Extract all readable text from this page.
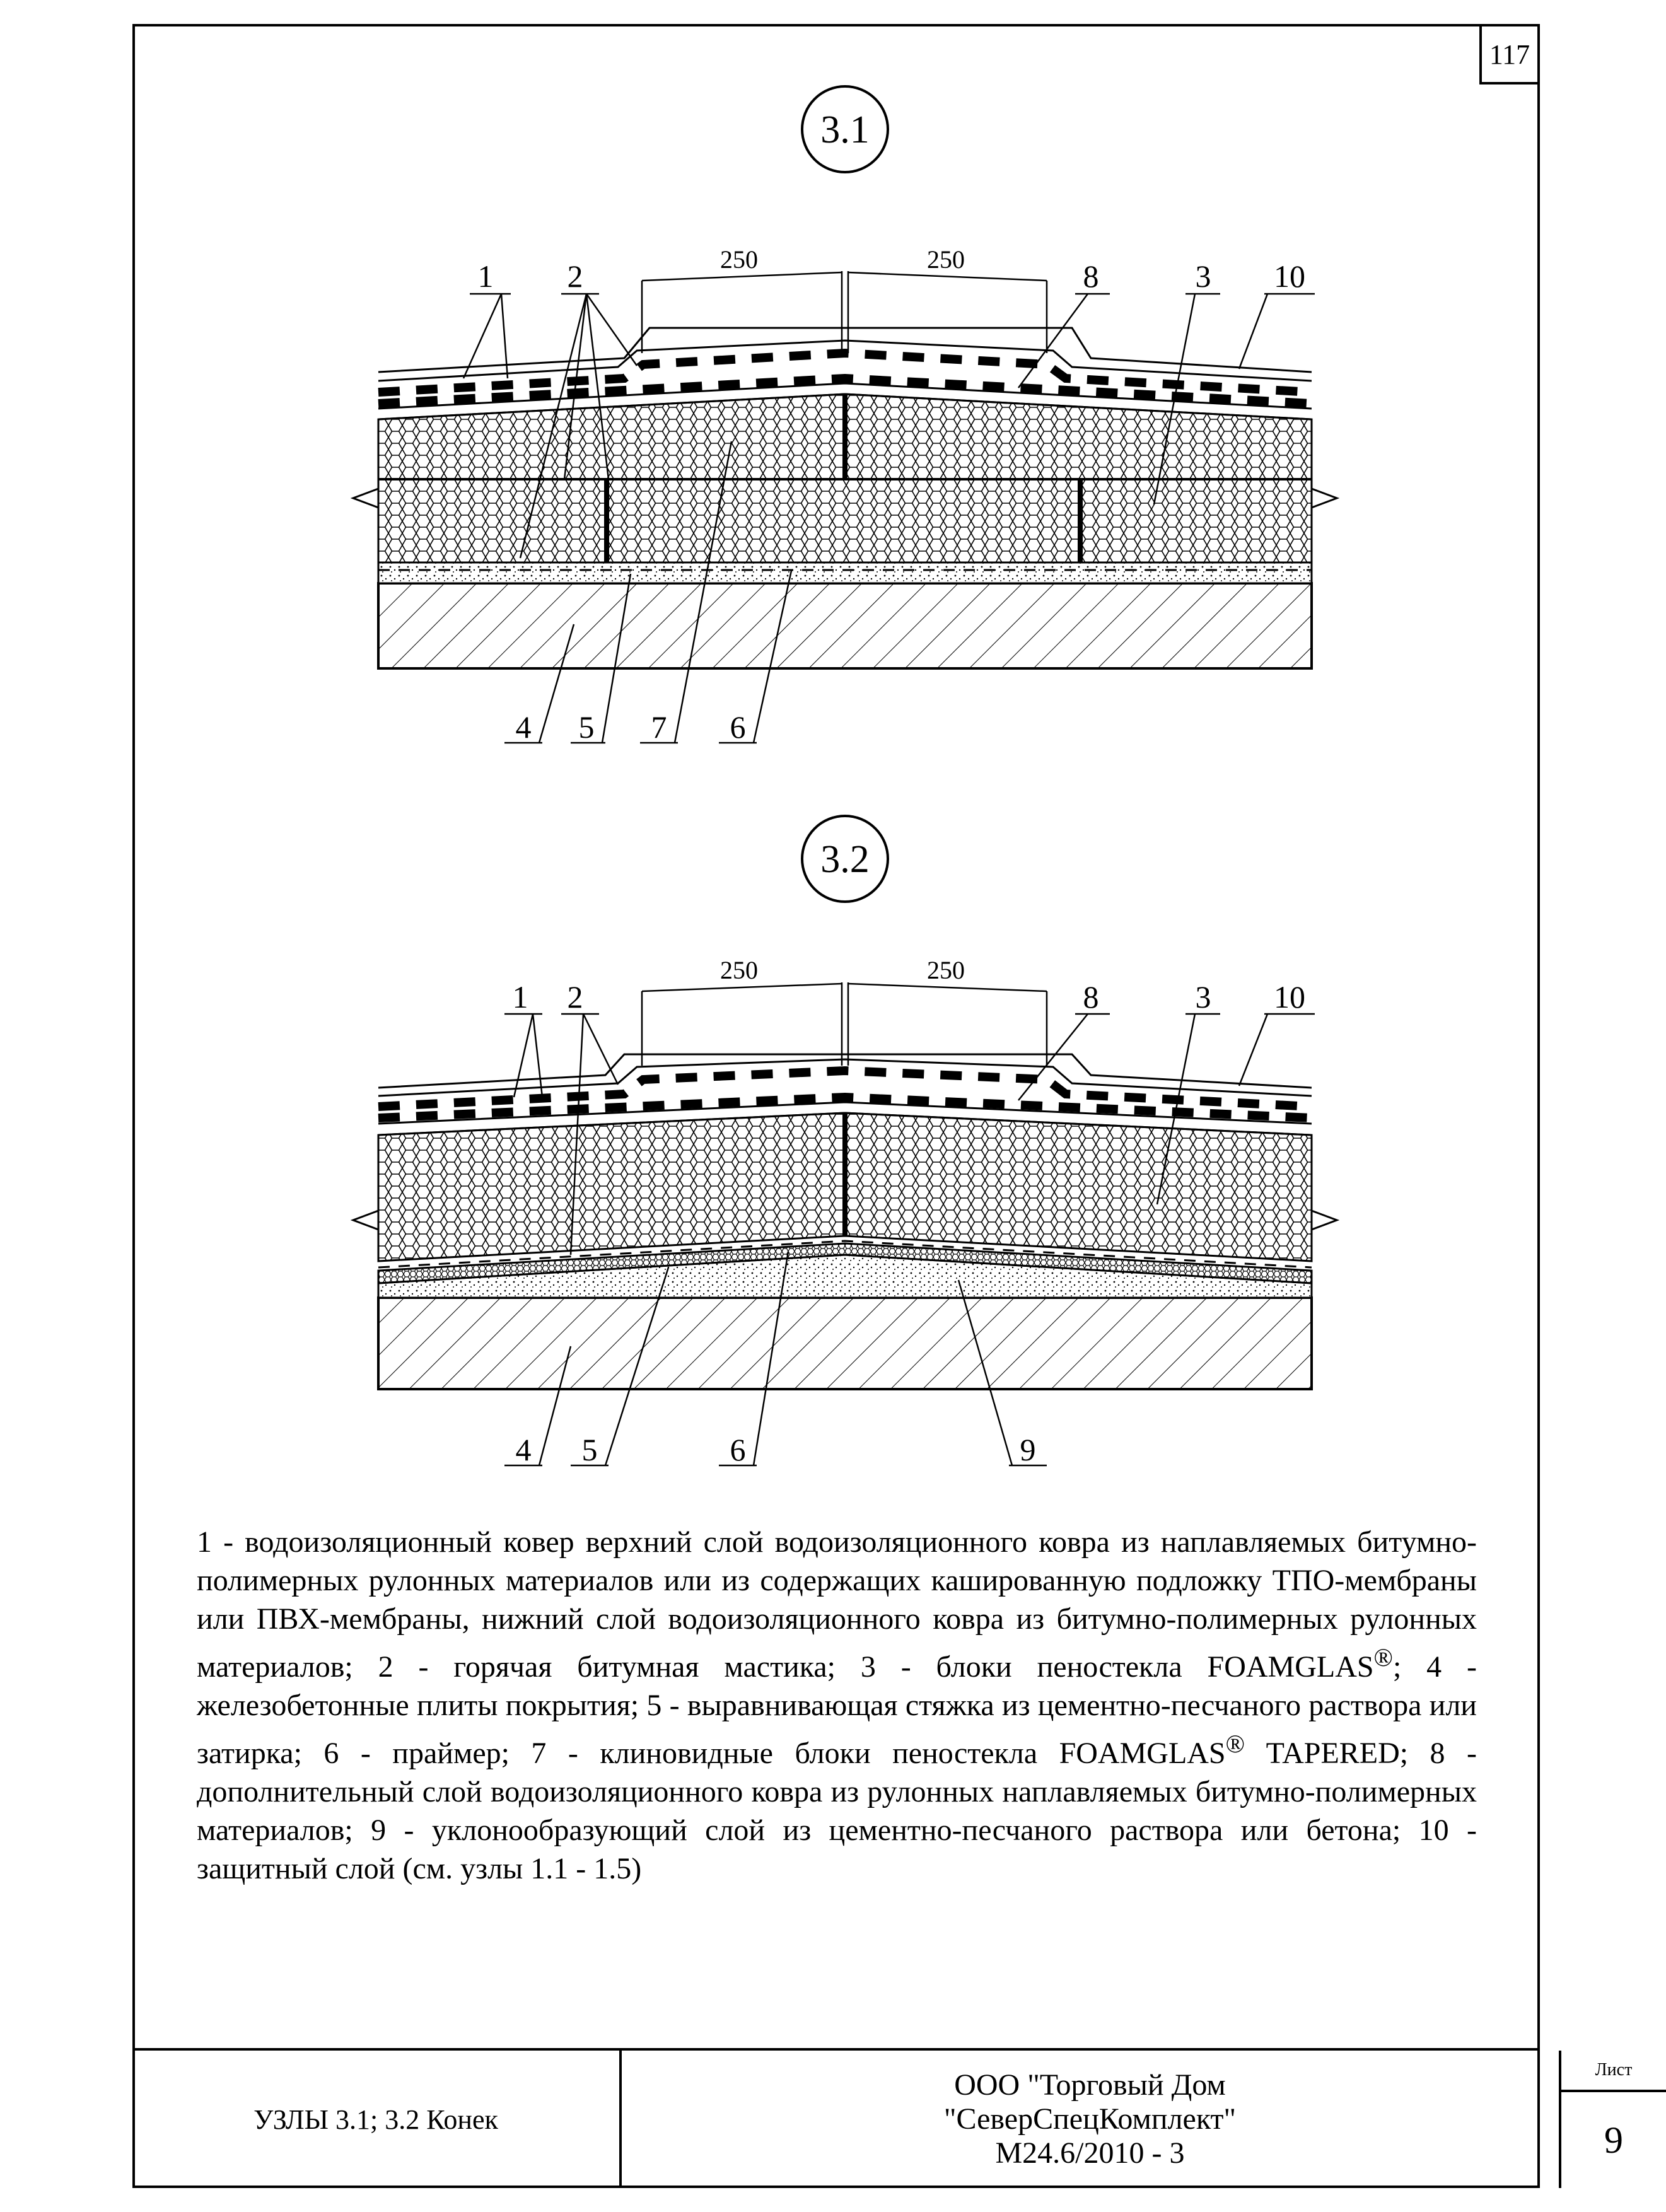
117
3.1
250	250
1 2	8	3 10
4 5 7 6
3.2
250	250
1 2	8	3 10
4 5	6	9
1 - водоизоляционный ковер верхний слой водоизоляционного ковра из наплавляемых битумно-полимерных рулонных материалов или из содержащих кашированную подложку ТПО-мембраны или ПВХ-мембраны, нижний слой водоизоляционного ковра из битумно-полимерных рулонных материалов; 2 - горячая битумная мастика; 3 - блоки пеностекла FOAMGLAS®; 4 - железобетонные плиты покрытия; 5 - выравнивающая стяжка из цементно-песчаного раствора или затирка; 6 - праймер; 7 - клиновидные блоки пеностекла FOAMGLAS® TAPERED; 8 - дополнительный слой водоизоляционного ковра из рулонных наплавляемых битумно-полимерных материалов; 9 - уклонообразующий слой из цементно-песчаного раствора или бетона; 10 - защитный слой (см. узлы 1.1 - 1.5)
УЗЛЫ 3.1; 3.2 Конек
ООО "Торговый Дом
"СеверСпецКомплект"
М24.6/2010 - 3
Лист
9
